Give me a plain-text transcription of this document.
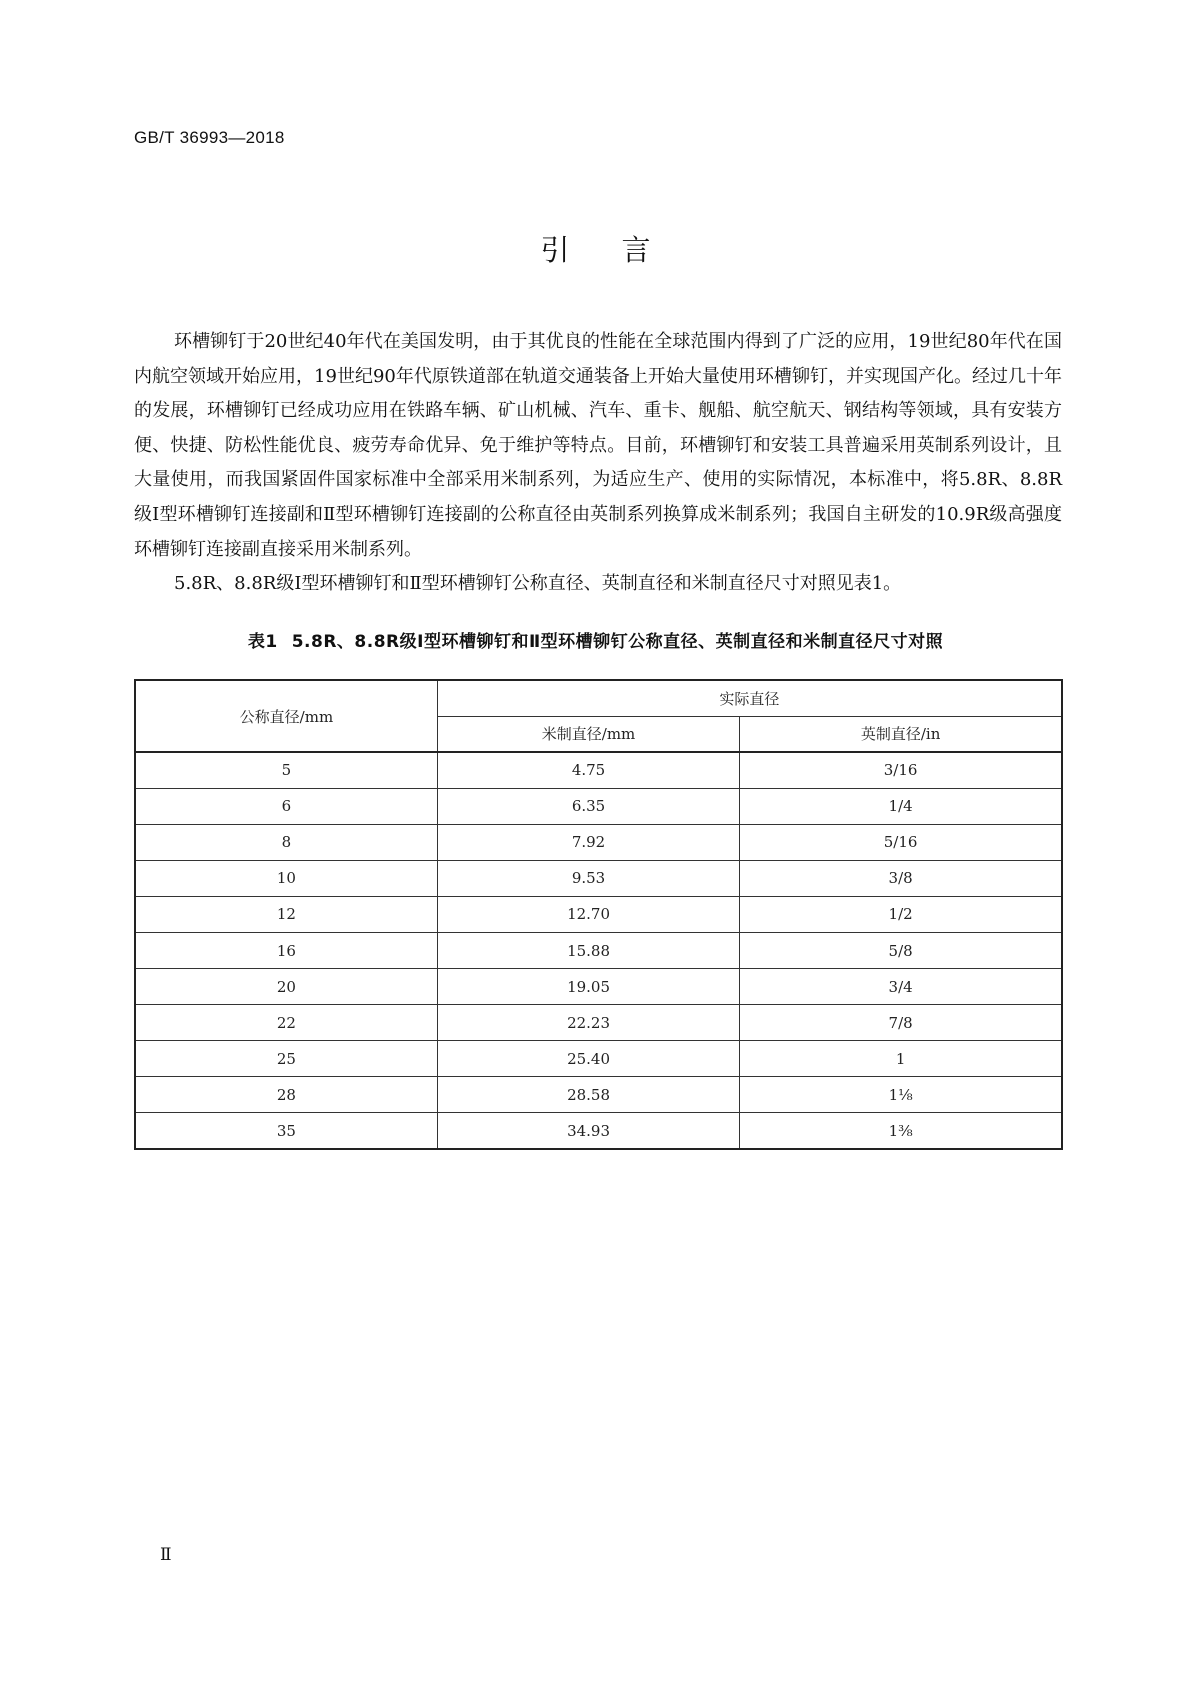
GB/T 36993—2018
引言

环槽铆钉于20世纪40年代在美国发明，由于其优良的性能在全球范围内得到了广泛的应用，19世纪80年代在国内航空领域开始应用，19世纪90年代原铁道部在轨道交通装备上开始大量使用环槽铆钉，并实现国产化。经过几十年的发展，环槽铆钉已经成功应用在铁路车辆、矿山机械、汽车、重卡、舰船、航空航天、钢结构等领域，具有安装方便、快捷、防松性能优良、疲劳寿命优异、免于维护等特点。目前，环槽铆钉和安装工具普遍采用英制系列设计，且大量使用，而我国紧固件国家标准中全部采用米制系列，为适应生产、使用的实际情况，本标准中，将5.8R、8.8R级Ⅰ型环槽铆钉连接副和Ⅱ型环槽铆钉连接副的公称直径由英制系列换算成米制系列；我国自主研发的10.9R级高强度环槽铆钉连接副直接采用米制系列。

5.8R、8.8R级Ⅰ型环槽铆钉和Ⅱ型环槽铆钉公称直径、英制直径和米制直径尺寸对照见表1。

表1 5.8R、8.8R级Ⅰ型环槽铆钉和Ⅱ型环槽铆钉公称直径、英制直径和米制直径尺寸对照
公称直径/mm	实际直径	
	米制直径/mm	英制直径/in
5	4.75	3/16
6	6.35	1/4
8	7.92	5/16
10	9.53	3/8
12	12.70	1/2
16	15.88	5/8
20	19.05	3/4
22	22.23	7/8
25	25.40	1
28	28.58	1⅛
35	34.93	1⅜
Ⅱ
